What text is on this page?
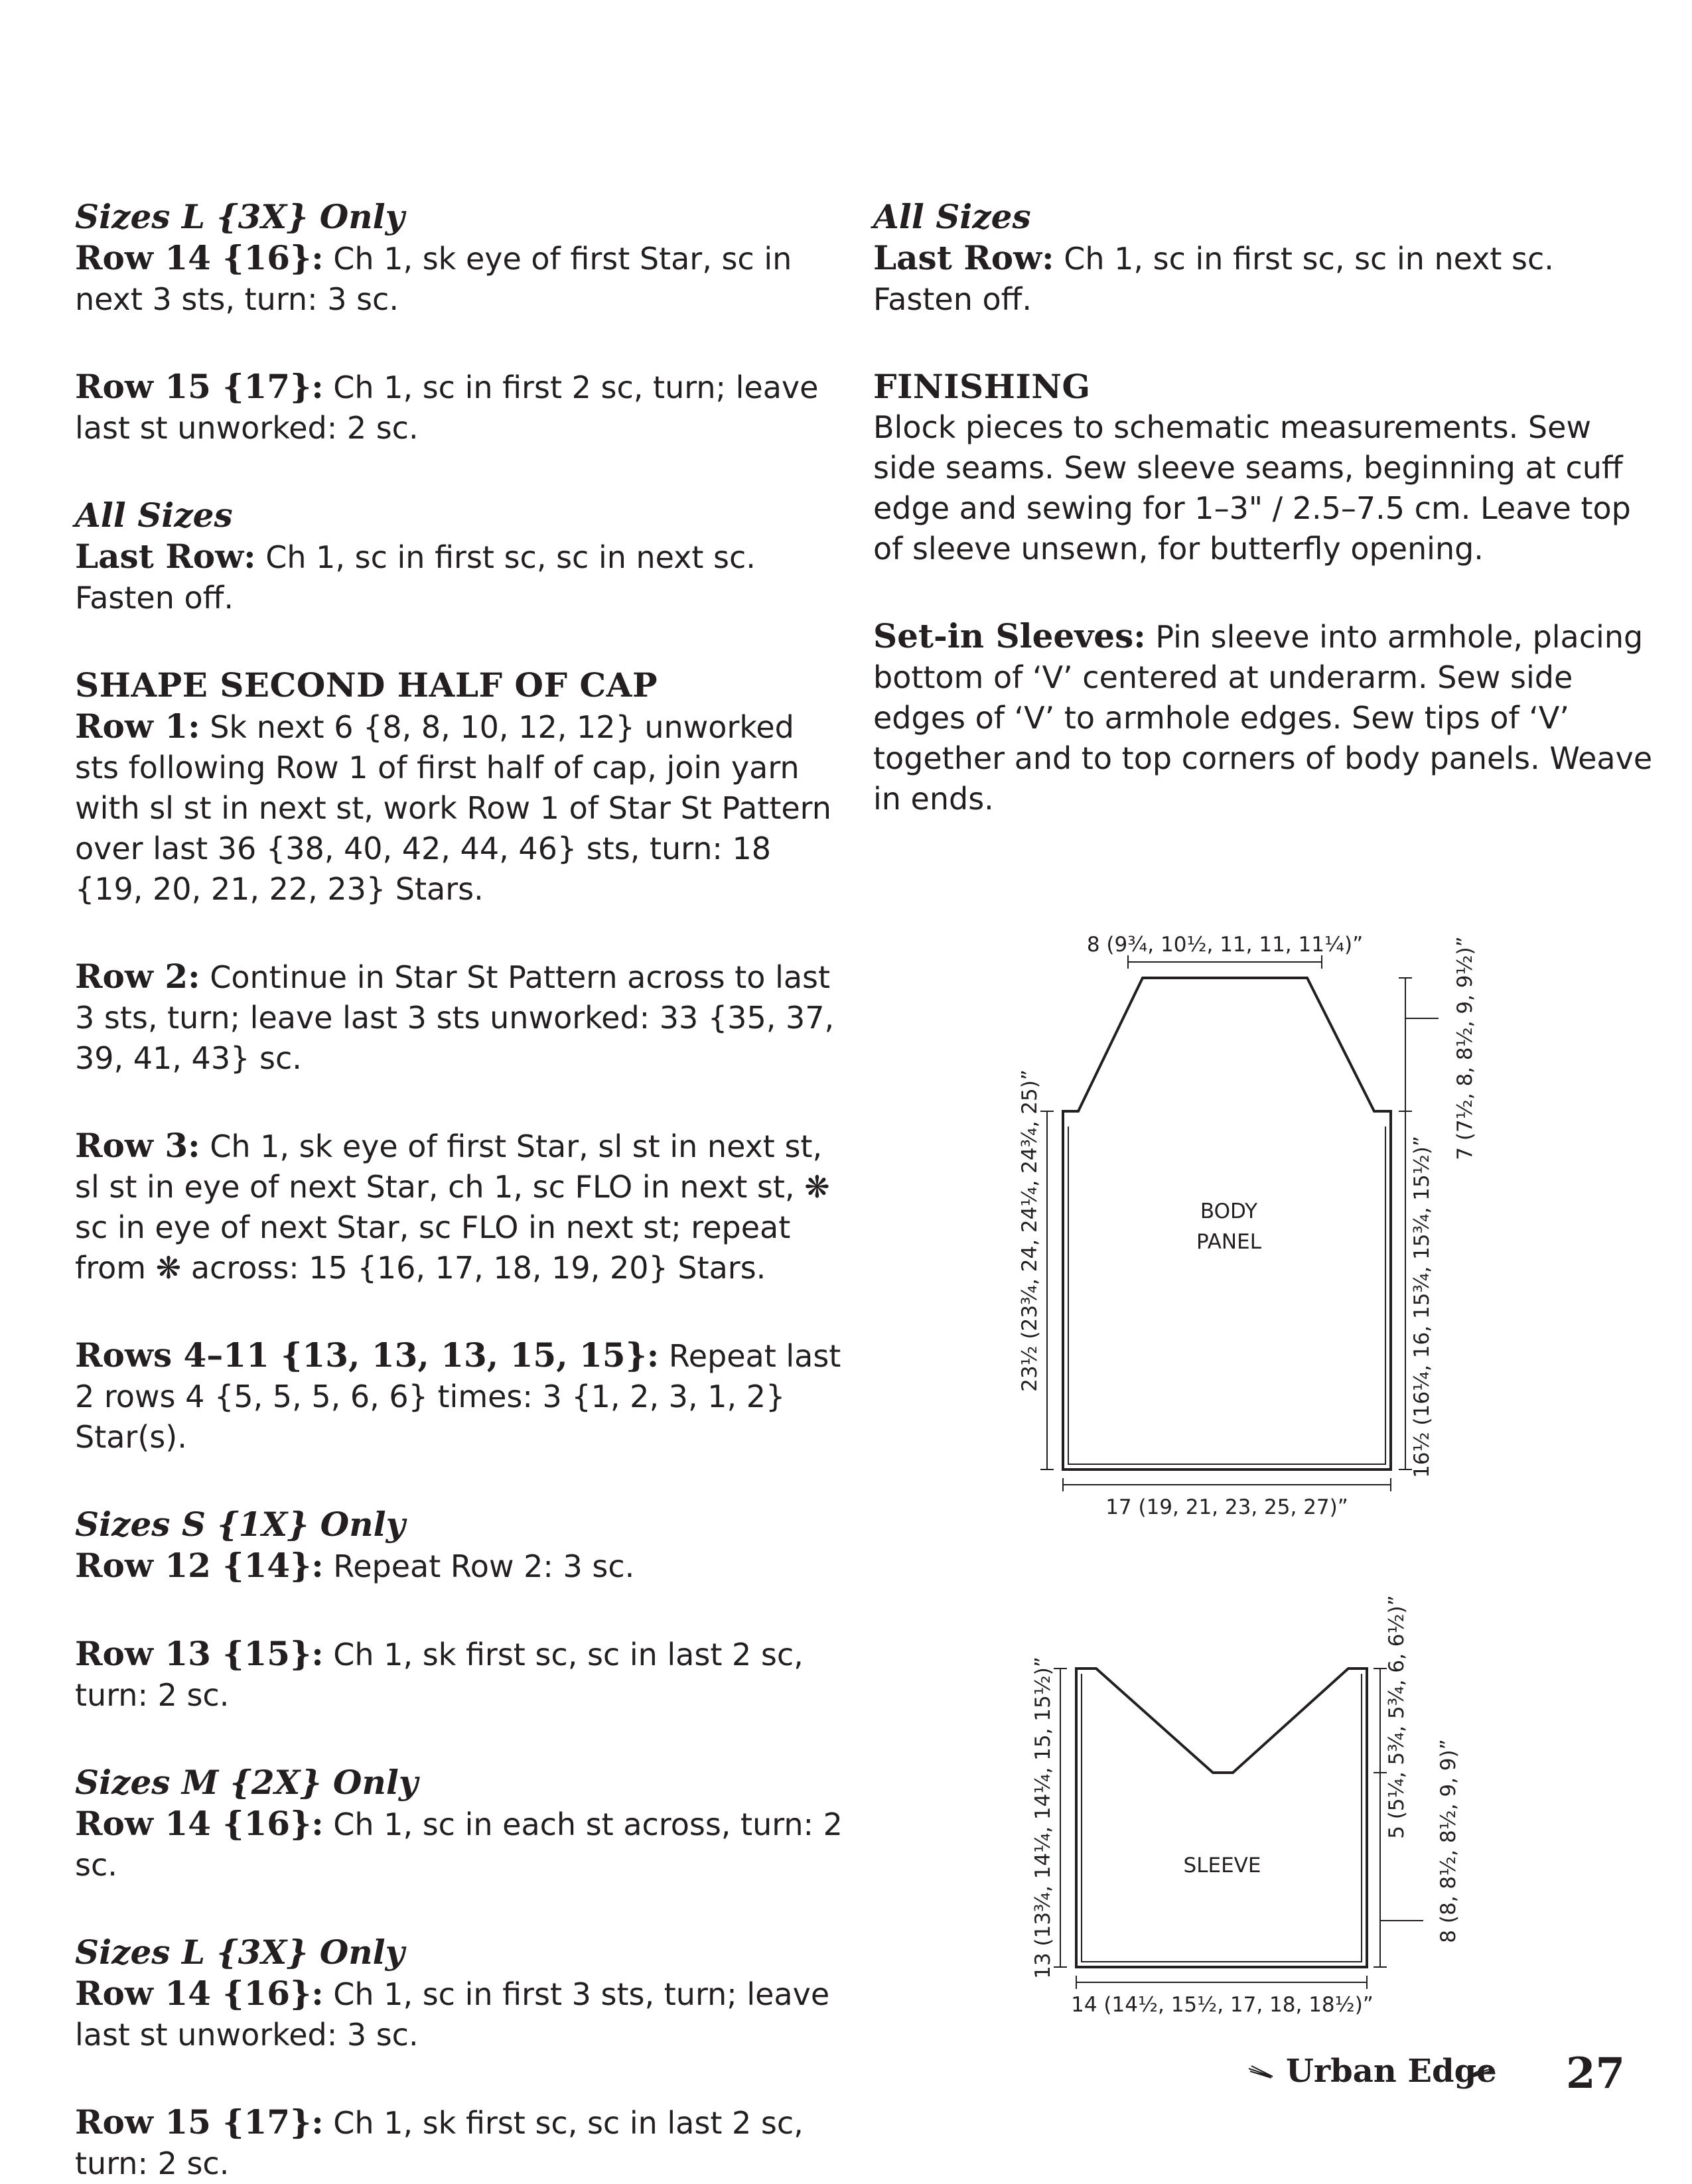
Sizes L {3X} Only
Row 14 {16}: Ch 1, sk eye of first Star, sc in next 3 sts, turn: 3 sc.

Row 15 {17}: Ch 1, sc in first 2 sc, turn; leave last st unworked: 2 sc.

All Sizes
Last Row: Ch 1, sc in first sc, sc in next sc. Fasten off.

SHAPE SECOND HALF OF CAP
Row 1: Sk next 6 {8, 8, 10, 12, 12} unworked sts following Row 1 of first half of cap, join yarn with sl st in next st, work Row 1 of Star St Pattern over last 36 {38, 40, 42, 44, 46} sts, turn: 18 {19, 20, 21, 22, 23} Stars.

Row 2: Continue in Star St Pattern across to last 3 sts, turn; leave last 3 sts unworked: 33 {35, 37, 39, 41, 43} sc.

Row 3: Ch 1, sk eye of first Star, sl st in next st, sl st in eye of next Star, ch 1, sc FLO in next st, ❋ sc in eye of next Star, sc FLO in next st; repeat from ❋ across: 15 {16, 17, 18, 19, 20} Stars.

Rows 4–11 {13, 13, 13, 15, 15}: Repeat last 2 rows 4 {5, 5, 5, 6, 6} times: 3 {1, 2, 3, 1, 2} Star(s).

Sizes S {1X} Only
Row 12 {14}: Repeat Row 2: 3 sc.

Row 13 {15}: Ch 1, sk first sc, sc in last 2 sc, turn: 2 sc.

Sizes M {2X} Only
Row 14 {16}: Ch 1, sc in each st across, turn: 2 sc.

Sizes L {3X} Only
Row 14 {16}: Ch 1, sc in first 3 sts, turn; leave last st unworked: 3 sc.

Row 15 {17}: Ch 1, sk first sc, sc in last 2 sc, turn: 2 sc.

All Sizes
Last Row: Ch 1, sc in first sc, sc in next sc. Fasten off.

FINISHING
Block pieces to schematic measurements. Sew side seams. Sew sleeve seams, beginning at cuff edge and sewing for 1–3" / 2.5–7.5 cm. Leave top of sleeve unsewn, for butterfly opening.

Set-in Sleeves: Pin sleeve into armhole, placing bottom of ‘V’ centered at underarm. Sew side edges of ‘V’ to armhole edges. Sew tips of ‘V’ together and to top corners of body panels. Weave in ends.

BODY
PANEL
8 (9¾, 10½, 11, 11, 11¼)”
17 (19, 21, 23, 25, 27)”
23½ (23¾, 24, 24¼, 24¾, 25)”	16½ (16¼, 16, 15¾, 15¾, 15½)”
7 (7½, 8, 8½, 9, 9½)”
SLEEVE
14 (14½, 15½, 17, 18, 18½)”
13 (13¾, 14¼, 14¼, 15, 15½)”	5 (5¼, 5¾, 5¾, 6, 6½)”
8 (8, 8½, 8½, 9, 9)”
Urban Edge 27
